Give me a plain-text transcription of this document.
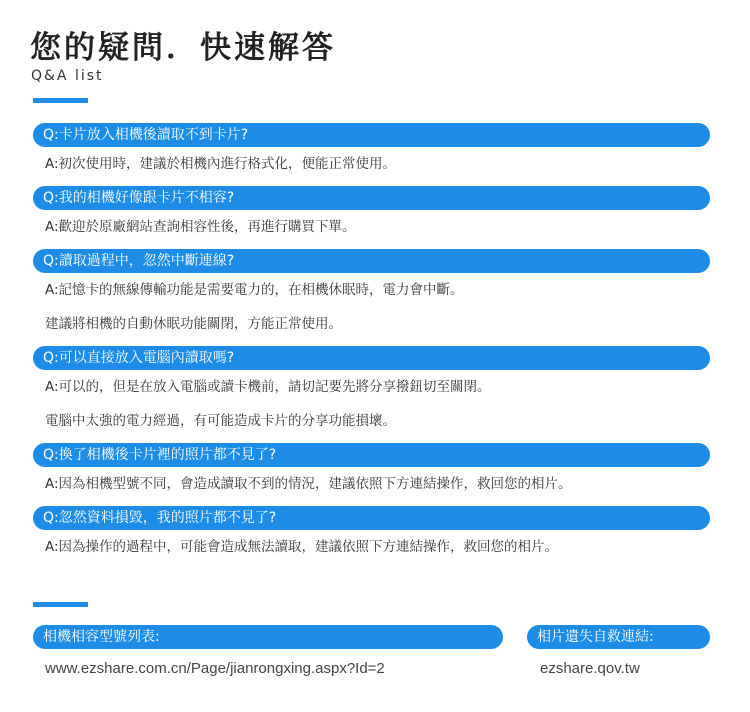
您的疑問．快速解答
Q&A list
Q:卡片放入相機後讀取不到卡片?
A:初次使用時，建議於相機內進行格式化，便能正常使用。
Q:我的相機好像跟卡片不相容?
A:歡迎於原廠網站查詢相容性後，再進行購買下單。
Q:讀取過程中，忽然中斷連線?
A:記憶卡的無線傳輸功能是需要電力的，在相機休眠時，電力會中斷。
建議將相機的自動休眠功能關閉，方能正常使用。
Q:可以直接放入電腦內讀取嗎?
A:可以的，但是在放入電腦或讀卡機前，請切記要先將分享撥鈕切至關閉。
電腦中太強的電力經過，有可能造成卡片的分享功能損壞。
Q:換了相機後卡片裡的照片都不見了?
A:因為相機型號不同，會造成讀取不到的情況，建議依照下方連結操作，救回您的相片。
Q:忽然資料損毀，我的照片都不見了?
A:因為操作的過程中，可能會造成無法讀取，建議依照下方連結操作，救回您的相片。
相機相容型號列表:	相片遺失自救連結:
www.ezshare.com.cn/Page/jianrongxing.aspx?Id=2	ezshare.qov.tw
